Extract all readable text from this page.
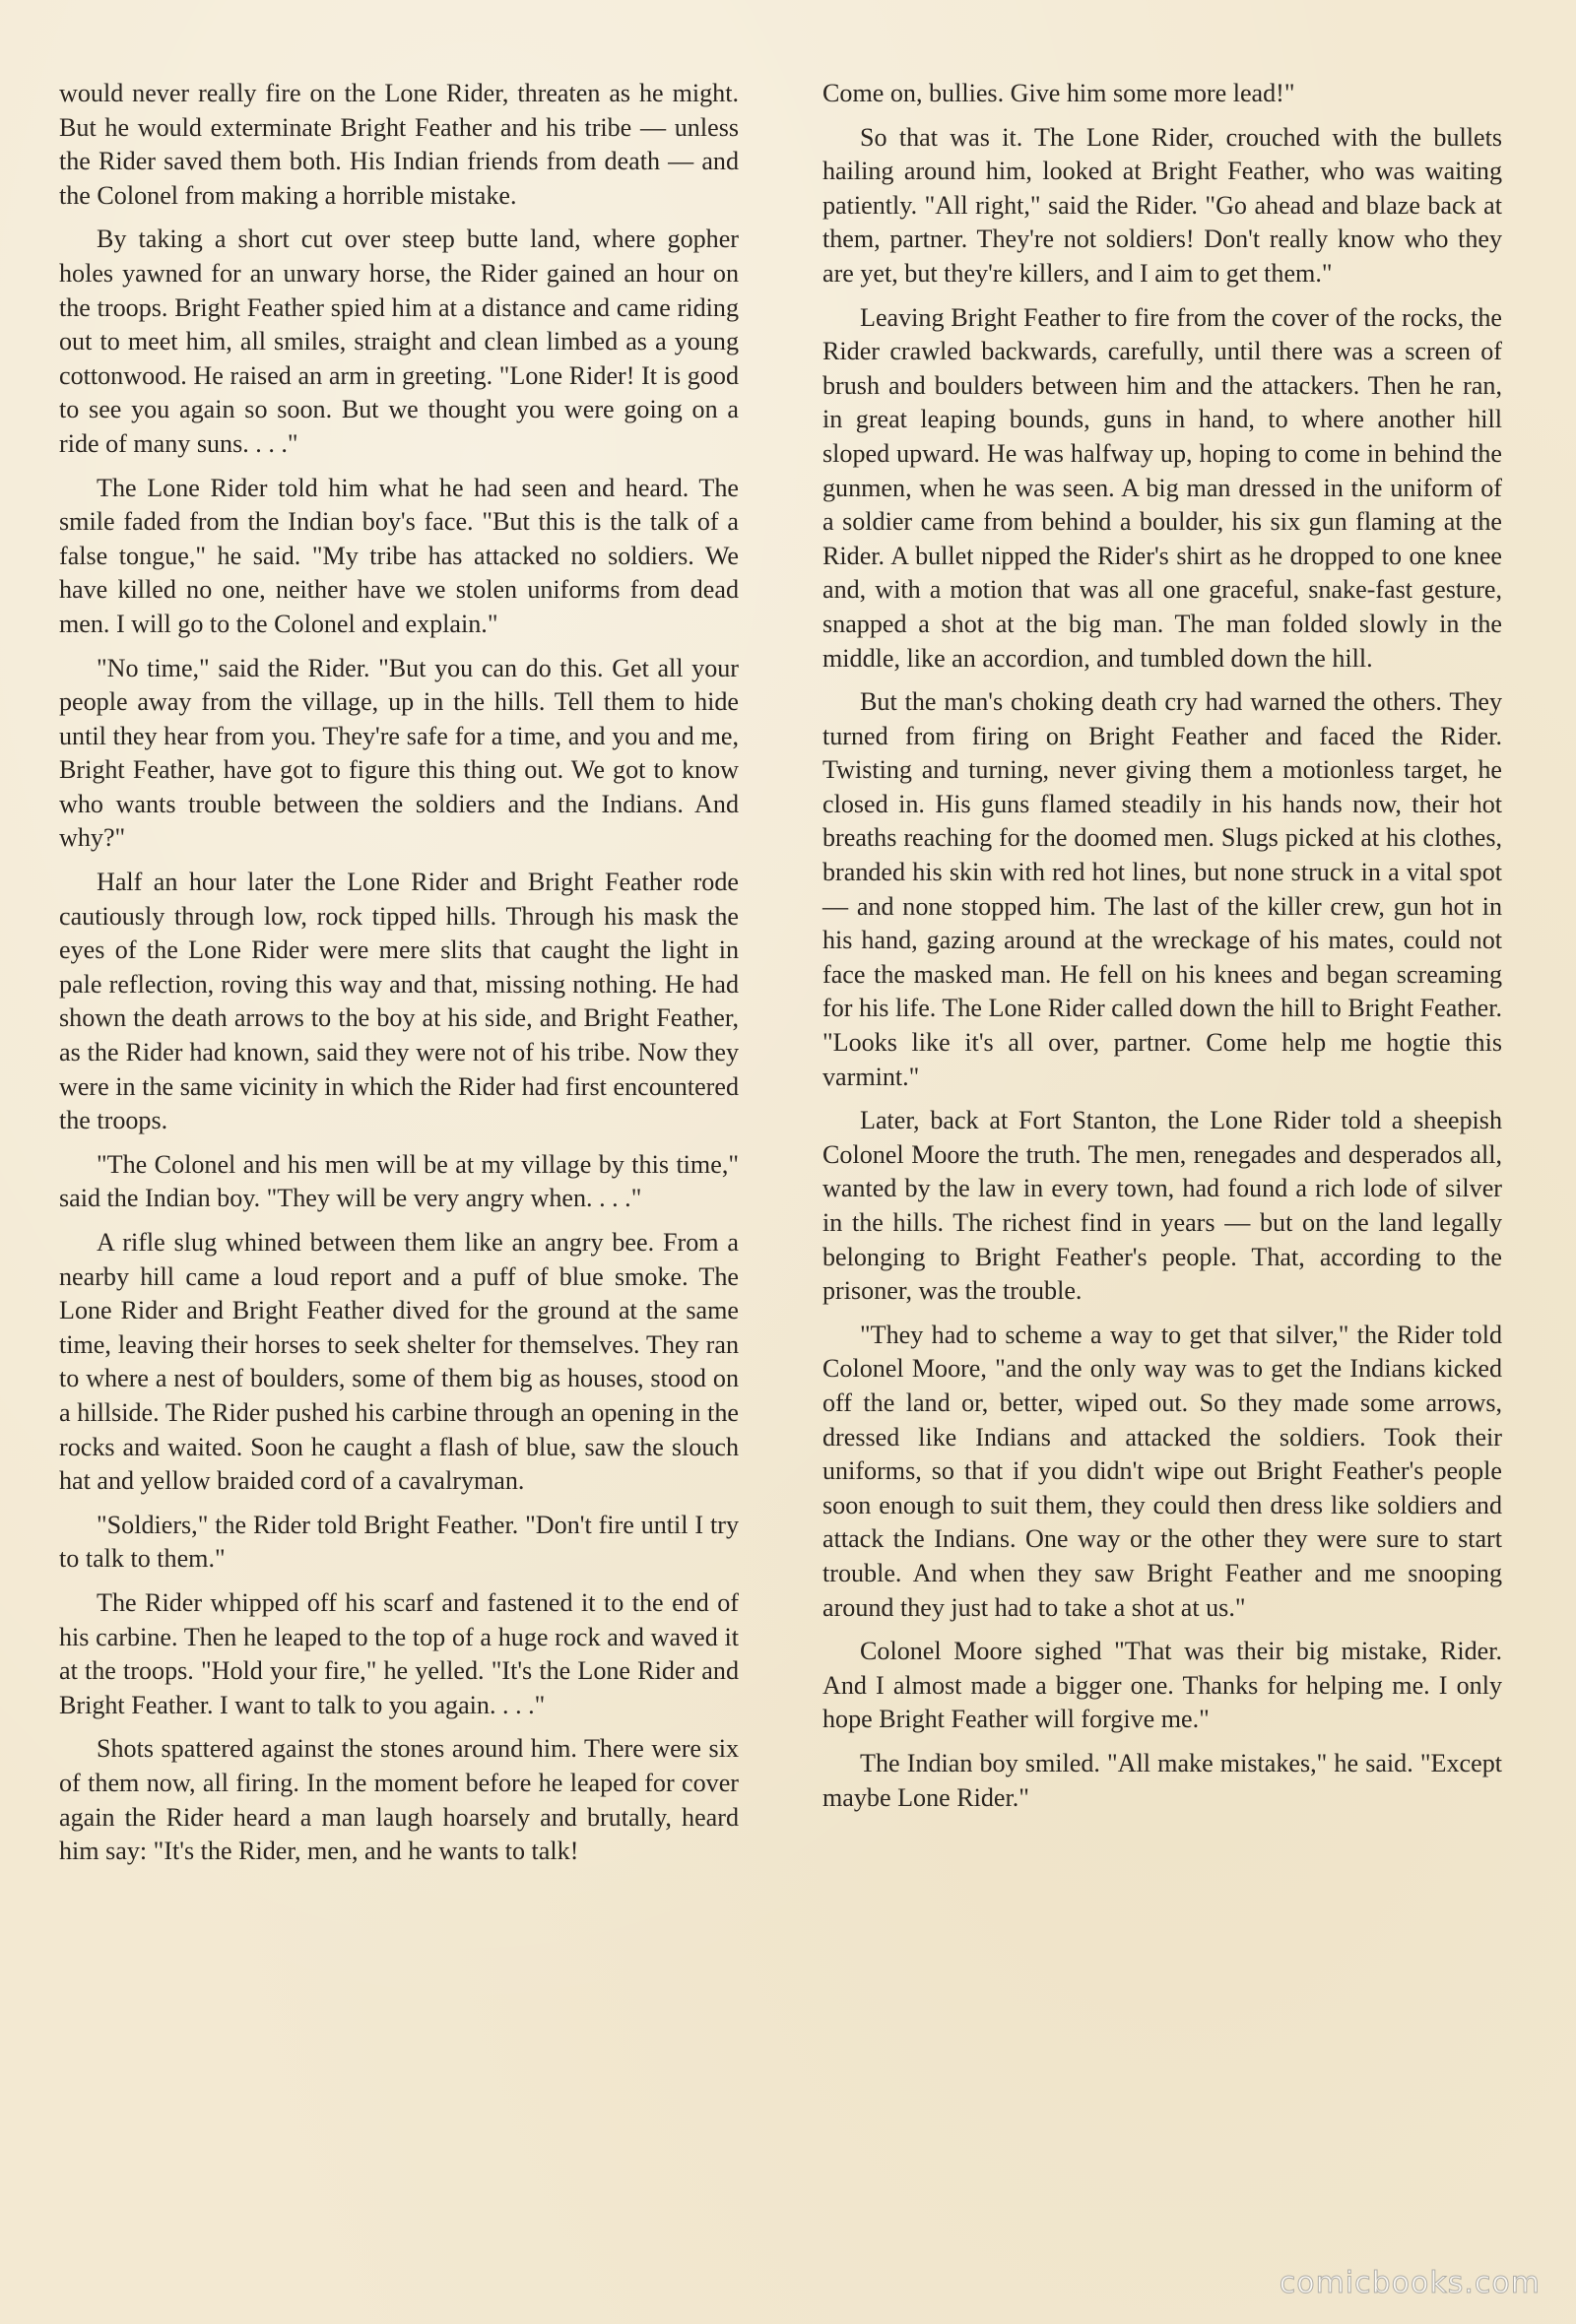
would never really fire on the Lone Rider, threaten as he might. But he would exterminate Bright Feather and his tribe — unless the Rider saved them both. His Indian friends from death — and the Colonel from making a horrible mistake.

By taking a short cut over steep butte land, where gopher holes yawned for an unwary horse, the Rider gained an hour on the troops. Bright Feather spied him at a distance and came riding out to meet him, all smiles, straight and clean limbed as a young cottonwood. He raised an arm in greeting. "Lone Rider! It is good to see you again so soon. But we thought you were going on a ride of many suns. . . ."

The Lone Rider told him what he had seen and heard. The smile faded from the Indian boy's face. "But this is the talk of a false tongue," he said. "My tribe has attacked no soldiers. We have killed no one, neither have we stolen uniforms from dead men. I will go to the Colonel and explain."

"No time," said the Rider. "But you can do this. Get all your people away from the village, up in the hills. Tell them to hide until they hear from you. They're safe for a time, and you and me, Bright Feather, have got to figure this thing out. We got to know who wants trouble between the soldiers and the Indians. And why?"

Half an hour later the Lone Rider and Bright Feather rode cautiously through low, rock tipped hills. Through his mask the eyes of the Lone Rider were mere slits that caught the light in pale reflection, roving this way and that, missing nothing. He had shown the death arrows to the boy at his side, and Bright Feather, as the Rider had known, said they were not of his tribe. Now they were in the same vicinity in which the Rider had first encountered the troops.

"The Colonel and his men will be at my village by this time," said the Indian boy. "They will be very angry when. . . ."

A rifle slug whined between them like an angry bee. From a nearby hill came a loud report and a puff of blue smoke. The Lone Rider and Bright Feather dived for the ground at the same time, leaving their horses to seek shelter for themselves. They ran to where a nest of boulders, some of them big as houses, stood on a hillside. The Rider pushed his carbine through an opening in the rocks and waited. Soon he caught a flash of blue, saw the slouch hat and yellow braided cord of a cavalryman.

"Soldiers," the Rider told Bright Feather. "Don't fire until I try to talk to them."

The Rider whipped off his scarf and fastened it to the end of his carbine. Then he leaped to the top of a huge rock and waved it at the troops. "Hold your fire," he yelled. "It's the Lone Rider and Bright Feather. I want to talk to you again. . . ."

Shots spattered against the stones around him. There were six of them now, all firing. In the moment before he leaped for cover again the Rider heard a man laugh hoarsely and brutally, heard him say: "It's the Rider, men, and he wants to talk!

Come on, bullies. Give him some more lead!"

So that was it. The Lone Rider, crouched with the bullets hailing around him, looked at Bright Feather, who was waiting patiently. "All right," said the Rider. "Go ahead and blaze back at them, partner. They're not soldiers! Don't really know who they are yet, but they're killers, and I aim to get them."

Leaving Bright Feather to fire from the cover of the rocks, the Rider crawled backwards, carefully, until there was a screen of brush and boulders between him and the attackers. Then he ran, in great leaping bounds, guns in hand, to where another hill sloped upward. He was halfway up, hoping to come in behind the gunmen, when he was seen. A big man dressed in the uniform of a soldier came from behind a boulder, his six gun flaming at the Rider. A bullet nipped the Rider's shirt as he dropped to one knee and, with a motion that was all one graceful, snake-fast gesture, snapped a shot at the big man. The man folded slowly in the middle, like an accordion, and tumbled down the hill.

But the man's choking death cry had warned the others. They turned from firing on Bright Feather and faced the Rider. Twisting and turning, never giving them a motionless target, he closed in. His guns flamed steadily in his hands now, their hot breaths reaching for the doomed men. Slugs picked at his clothes, branded his skin with red hot lines, but none struck in a vital spot — and none stopped him. The last of the killer crew, gun hot in his hand, gazing around at the wreckage of his mates, could not face the masked man. He fell on his knees and began screaming for his life. The Lone Rider called down the hill to Bright Feather. "Looks like it's all over, partner. Come help me hogtie this varmint."

Later, back at Fort Stanton, the Lone Rider told a sheepish Colonel Moore the truth. The men, renegades and desperados all, wanted by the law in every town, had found a rich lode of silver in the hills. The richest find in years — but on the land legally belonging to Bright Feather's people. That, according to the prisoner, was the trouble.

"They had to scheme a way to get that silver," the Rider told Colonel Moore, "and the only way was to get the Indians kicked off the land or, better, wiped out. So they made some arrows, dressed like Indians and attacked the soldiers. Took their uniforms, so that if you didn't wipe out Bright Feather's people soon enough to suit them, they could then dress like soldiers and attack the Indians. One way or the other they were sure to start trouble. And when they saw Bright Feather and me snooping around they just had to take a shot at us."

Colonel Moore sighed "That was their big mistake, Rider. And I almost made a bigger one. Thanks for helping me. I only hope Bright Feather will forgive me."

The Indian boy smiled. "All make mistakes," he said. "Except maybe Lone Rider."

comicbooks.com
